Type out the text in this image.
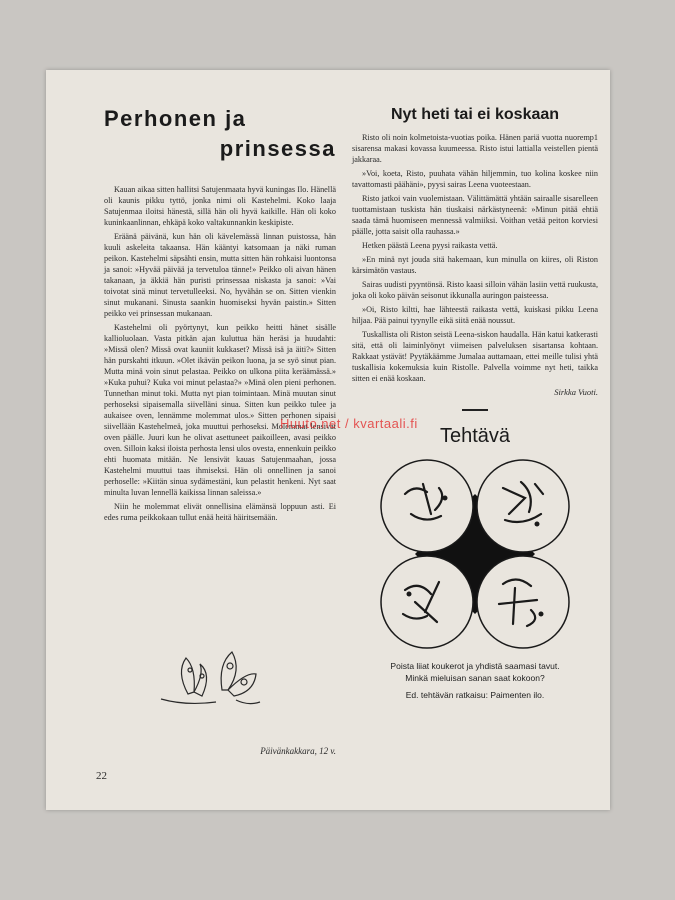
Perhonen ja
prinsessa

Kauan aikaa sitten hallitsi Satujenmaata hyvä kuningas Ilo. Hänellä oli kaunis pikku tyttö, jonka nimi oli Kastehelmi. Koko laaja Satujenmaa iloitsi hänestä, sillä hän oli hyvä kaikille. Hän oli koko kuninkaanlinnan, ehkäpä koko valtakunnankin keskipiste.

Eräänä päivänä, kun hän oli kävelemässä linnan puistossa, hän kuuli askeleita takaansa. Hän kääntyi katsomaan ja näki ruman peikon. Kastehelmi säpsähti ensin, mutta sitten hän rohkaisi luontonsa ja sanoi: »Hyvää päivää ja tervetuloa tänne!» Peikko oli aivan hänen takanaan, ja äkkiä hän puristi prinsessaa niskasta ja sanoi: »Vai toivotat sinä minut tervetulleeksi. No, hyvähän se on. Sitten vienkin sinut mukanani. Sinusta saankin huomiseksi hyvän paistin.» Sitten peikko vei prinsessan mukanaan.

Kastehelmi oli pyörtynyt, kun peikko heitti hänet sisälle kallioluolaan. Vasta pitkän ajan kuluttua hän heräsi ja huudahti: »Missä olen? Missä ovat kauniit kukkaset? Missä isä ja äiti?» Sitten hän purskahti itkuun. »Olet ikävän peikon luona, ja se syö sinut pian. Mutta minä voin sinut pelastaa. Peikko on ulkona piita keräämässä.» »Kuka puhui? Kuka voi minut pelastaa?» »Minä olen pieni perhonen. Tunnethan minut toki. Mutta nyt pian toimintaan. Minä muutan sinut perhoseksi sipaisemalla siivelläni sinua. Sitten kun peikko tulee ja aukaisee oven, lennämme molemmat ulos.» Sitten perhonen sipaisi siivellään Kastehelmeä, joka muuttui perhoseksi. Molemmat lensivät oven päälle. Juuri kun he olivat asettuneet paikoilleen, avasi peikko oven. Silloin kaksi iloista perhosta lensi ulos ovesta, ennenkuin peikko ehti huomata mitään. Ne lensivät kauas Satujenmaahan, jossa Kastehelmi muuttui taas ihmiseksi. Hän oli onnellinen ja sanoi perhoselle: »Kiitän sinua sydämestäni, kun pelastit henkeni. Nyt saat minulta luvan lennellä kaikissa linnan saleissa.»

Niin he molemmat elivät onnellisina elämänsä loppuun asti. Ei edes ruma peikkokaan tullut enää heitä häiritsemään.

Päivänkakkara, 12 v.
Nyt heti tai ei koskaan

Risto oli noin kolmetoista-vuotias poika. Hänen pariä vuotta nuoremp1 sisarensa makasi kovassa kuumeessa. Risto istui lattialla veistellen pientä jakkaraa.

»Voi, koeta, Risto, puuhata vähän hiljemmin, tuo kolina koskee niin tavattomasti päähäni», pyysi sairas Leena vuoteestaan.

Risto jatkoi vain vuolemistaan. Välittämättä yhtään sairaalle sisarelleen tuottamistaan tuskista hän tiuskaisi närkästyneenä: »Minun pitää ehtiä saada tämä huomiseen mennessä valmiiksi. Voithan vetää peiton korviesi päälle, jotta saisit olla rauhassa.»

Hetken päästä Leena pyysi raikasta vettä.

»En minä nyt jouda sitä hakemaan, kun minulla on kiires, oli Riston kärsimätön vastaus.

Sairas uudisti pyyntönsä. Risto kaasi silloin vähän lasiin vettä ruukusta, joka oli koko päivän seisonut ikkunalla auringon paisteessa.

»Oi, Risto kiltti, hae lähteestä raikasta vettä, kuiskasi pikku Leena hiljaa. Pää painui tyynylle eikä siitä enää noussut.

Tuskallista oli Riston seistä Leena-siskon haudalla. Hän katui katkerasti sitä, että oli laiminlyönyt viimeisen palveluksen sisartansa kohtaan. Rakkaat ystävät! Pyytäkäämme Jumalaa auttamaan, ettei meille tulisi yhtä tuskallisia kokemuksia kuin Ristolle. Palvella voimme nyt heti, taikka sitten ei enää koskaan.

Sirkka Vuoti.
Tehtävä
Poista liiat koukerot ja yhdistä saamasi tavut.
Minkä mieluisan sanan saat kokoon?
Ed. tehtävän ratkaisu: Paimenten ilo.
22
Huuto.net / kvartaali.fi
